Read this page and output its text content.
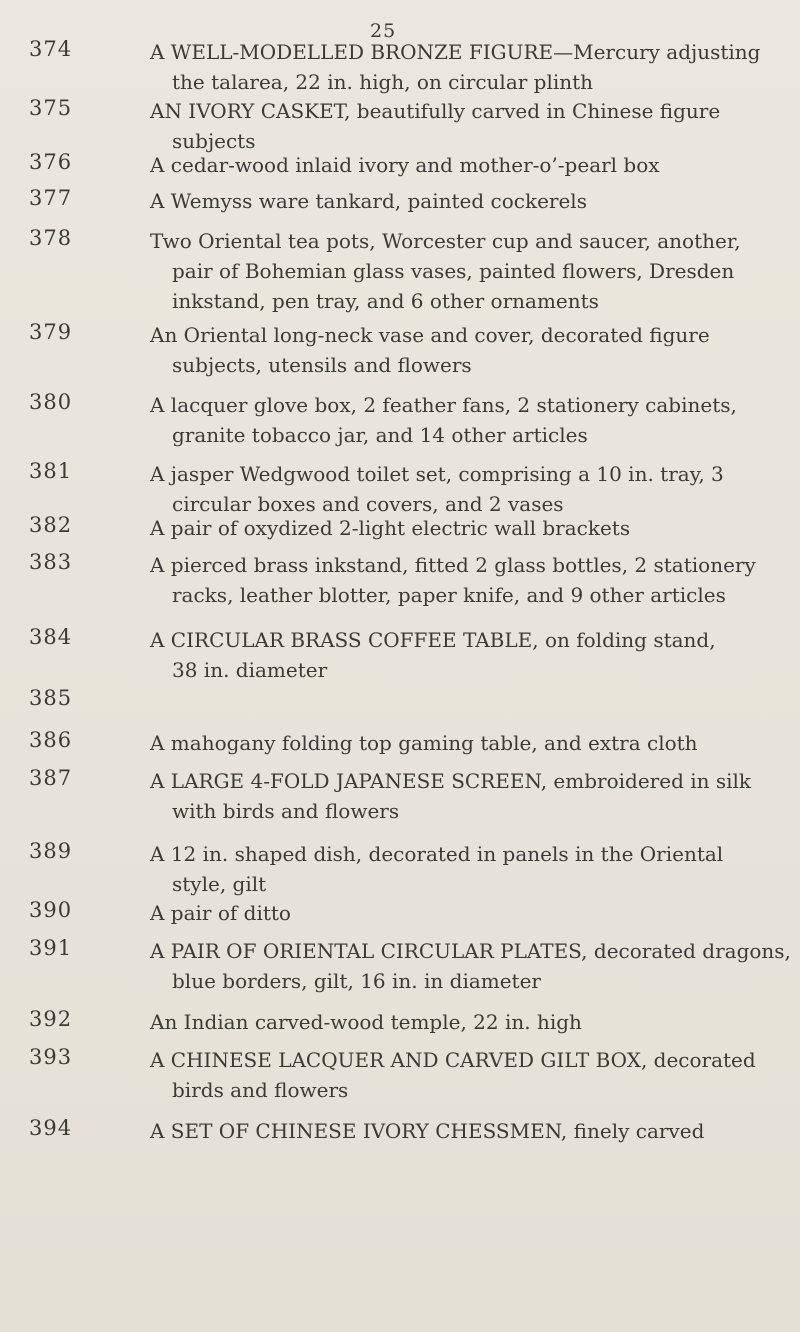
25
374	A WELL-MODELLED BRONZE FIGURE—Mercury adjusting
the talarea, 22 in. high, on circular plinth
375	AN IVORY CASKET, beautifully carved in Chinese figure
subjects
376	A cedar-wood inlaid ivory and mother-o’-pearl box
377	A Wemyss ware tankard, painted cockerels
378	Two Oriental tea pots, Worcester cup and saucer, another,
pair of Bohemian glass vases, painted flowers, Dresden
inkstand, pen tray, and 6 other ornaments
379	An Oriental long-neck vase and cover, decorated figure
subjects, utensils and flowers
380	A lacquer glove box, 2 feather fans, 2 stationery cabinets,
granite tobacco jar, and 14 other articles
381	A jasper Wedgwood toilet set, comprising a 10 in. tray, 3
circular boxes and covers, and 2 vases
382	A pair of oxydized 2-light electric wall brackets
383	A pierced brass inkstand, fitted 2 glass bottles, 2 stationery
racks, leather blotter, paper knife, and 9 other articles
384	A CIRCULAR BRASS COFFEE TABLE, on folding stand,
38 in. diameter
385
386	A mahogany folding top gaming table, and extra cloth
387	A LARGE 4-FOLD JAPANESE SCREEN, embroidered in silk
with birds and flowers
389	A 12 in. shaped dish, decorated in panels in the Oriental
style, gilt
390	A pair of ditto
391	A PAIR OF ORIENTAL CIRCULAR PLATES, decorated dragons,
blue borders, gilt, 16 in. in diameter
392	An Indian carved-wood temple, 22 in. high
393	A CHINESE LACQUER AND CARVED GILT BOX, decorated
birds and flowers
394	A SET OF CHINESE IVORY CHESSMEN, finely carved
